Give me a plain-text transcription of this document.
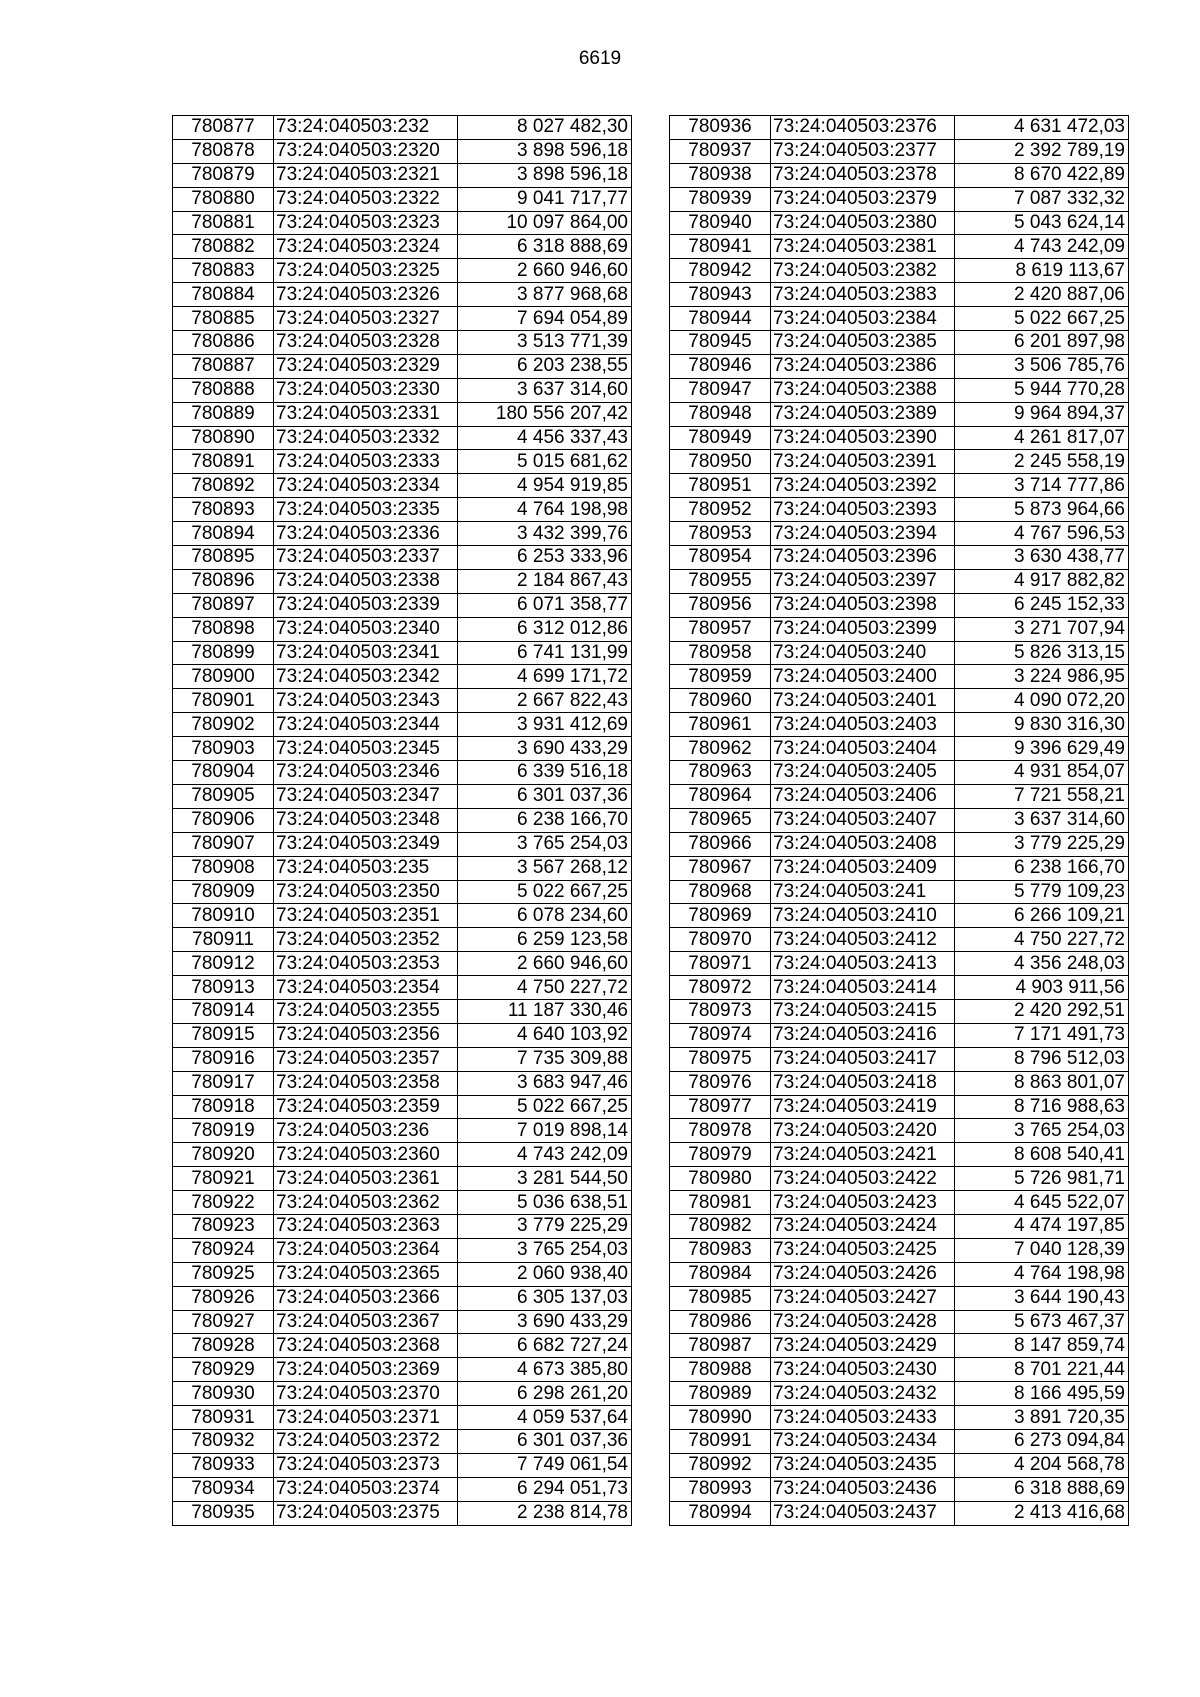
6619
780877	73:24:040503:232	8 027 482,30
780878	73:24:040503:2320	3 898 596,18
780879	73:24:040503:2321	3 898 596,18
780880	73:24:040503:2322	9 041 717,77
780881	73:24:040503:2323	10 097 864,00
780882	73:24:040503:2324	6 318 888,69
780883	73:24:040503:2325	2 660 946,60
780884	73:24:040503:2326	3 877 968,68
780885	73:24:040503:2327	7 694 054,89
780886	73:24:040503:2328	3 513 771,39
780887	73:24:040503:2329	6 203 238,55
780888	73:24:040503:2330	3 637 314,60
780889	73:24:040503:2331	180 556 207,42
780890	73:24:040503:2332	4 456 337,43
780891	73:24:040503:2333	5 015 681,62
780892	73:24:040503:2334	4 954 919,85
780893	73:24:040503:2335	4 764 198,98
780894	73:24:040503:2336	3 432 399,76
780895	73:24:040503:2337	6 253 333,96
780896	73:24:040503:2338	2 184 867,43
780897	73:24:040503:2339	6 071 358,77
780898	73:24:040503:2340	6 312 012,86
780899	73:24:040503:2341	6 741 131,99
780900	73:24:040503:2342	4 699 171,72
780901	73:24:040503:2343	2 667 822,43
780902	73:24:040503:2344	3 931 412,69
780903	73:24:040503:2345	3 690 433,29
780904	73:24:040503:2346	6 339 516,18
780905	73:24:040503:2347	6 301 037,36
780906	73:24:040503:2348	6 238 166,70
780907	73:24:040503:2349	3 765 254,03
780908	73:24:040503:235	3 567 268,12
780909	73:24:040503:2350	5 022 667,25
780910	73:24:040503:2351	6 078 234,60
780911	73:24:040503:2352	6 259 123,58
780912	73:24:040503:2353	2 660 946,60
780913	73:24:040503:2354	4 750 227,72
780914	73:24:040503:2355	11 187 330,46
780915	73:24:040503:2356	4 640 103,92
780916	73:24:040503:2357	7 735 309,88
780917	73:24:040503:2358	3 683 947,46
780918	73:24:040503:2359	5 022 667,25
780919	73:24:040503:236	7 019 898,14
780920	73:24:040503:2360	4 743 242,09
780921	73:24:040503:2361	3 281 544,50
780922	73:24:040503:2362	5 036 638,51
780923	73:24:040503:2363	3 779 225,29
780924	73:24:040503:2364	3 765 254,03
780925	73:24:040503:2365	2 060 938,40
780926	73:24:040503:2366	6 305 137,03
780927	73:24:040503:2367	3 690 433,29
780928	73:24:040503:2368	6 682 727,24
780929	73:24:040503:2369	4 673 385,80
780930	73:24:040503:2370	6 298 261,20
780931	73:24:040503:2371	4 059 537,64
780932	73:24:040503:2372	6 301 037,36
780933	73:24:040503:2373	7 749 061,54
780934	73:24:040503:2374	6 294 051,73
780935	73:24:040503:2375	2 238 814,78
780936	73:24:040503:2376	4 631 472,03
780937	73:24:040503:2377	2 392 789,19
780938	73:24:040503:2378	8 670 422,89
780939	73:24:040503:2379	7 087 332,32
780940	73:24:040503:2380	5 043 624,14
780941	73:24:040503:2381	4 743 242,09
780942	73:24:040503:2382	8 619 113,67
780943	73:24:040503:2383	2 420 887,06
780944	73:24:040503:2384	5 022 667,25
780945	73:24:040503:2385	6 201 897,98
780946	73:24:040503:2386	3 506 785,76
780947	73:24:040503:2388	5 944 770,28
780948	73:24:040503:2389	9 964 894,37
780949	73:24:040503:2390	4 261 817,07
780950	73:24:040503:2391	2 245 558,19
780951	73:24:040503:2392	3 714 777,86
780952	73:24:040503:2393	5 873 964,66
780953	73:24:040503:2394	4 767 596,53
780954	73:24:040503:2396	3 630 438,77
780955	73:24:040503:2397	4 917 882,82
780956	73:24:040503:2398	6 245 152,33
780957	73:24:040503:2399	3 271 707,94
780958	73:24:040503:240	5 826 313,15
780959	73:24:040503:2400	3 224 986,95
780960	73:24:040503:2401	4 090 072,20
780961	73:24:040503:2403	9 830 316,30
780962	73:24:040503:2404	9 396 629,49
780963	73:24:040503:2405	4 931 854,07
780964	73:24:040503:2406	7 721 558,21
780965	73:24:040503:2407	3 637 314,60
780966	73:24:040503:2408	3 779 225,29
780967	73:24:040503:2409	6 238 166,70
780968	73:24:040503:241	5 779 109,23
780969	73:24:040503:2410	6 266 109,21
780970	73:24:040503:2412	4 750 227,72
780971	73:24:040503:2413	4 356 248,03
780972	73:24:040503:2414	4 903 911,56
780973	73:24:040503:2415	2 420 292,51
780974	73:24:040503:2416	7 171 491,73
780975	73:24:040503:2417	8 796 512,03
780976	73:24:040503:2418	8 863 801,07
780977	73:24:040503:2419	8 716 988,63
780978	73:24:040503:2420	3 765 254,03
780979	73:24:040503:2421	8 608 540,41
780980	73:24:040503:2422	5 726 981,71
780981	73:24:040503:2423	4 645 522,07
780982	73:24:040503:2424	4 474 197,85
780983	73:24:040503:2425	7 040 128,39
780984	73:24:040503:2426	4 764 198,98
780985	73:24:040503:2427	3 644 190,43
780986	73:24:040503:2428	5 673 467,37
780987	73:24:040503:2429	8 147 859,74
780988	73:24:040503:2430	8 701 221,44
780989	73:24:040503:2432	8 166 495,59
780990	73:24:040503:2433	3 891 720,35
780991	73:24:040503:2434	6 273 094,84
780992	73:24:040503:2435	4 204 568,78
780993	73:24:040503:2436	6 318 888,69
780994	73:24:040503:2437	2 413 416,68
